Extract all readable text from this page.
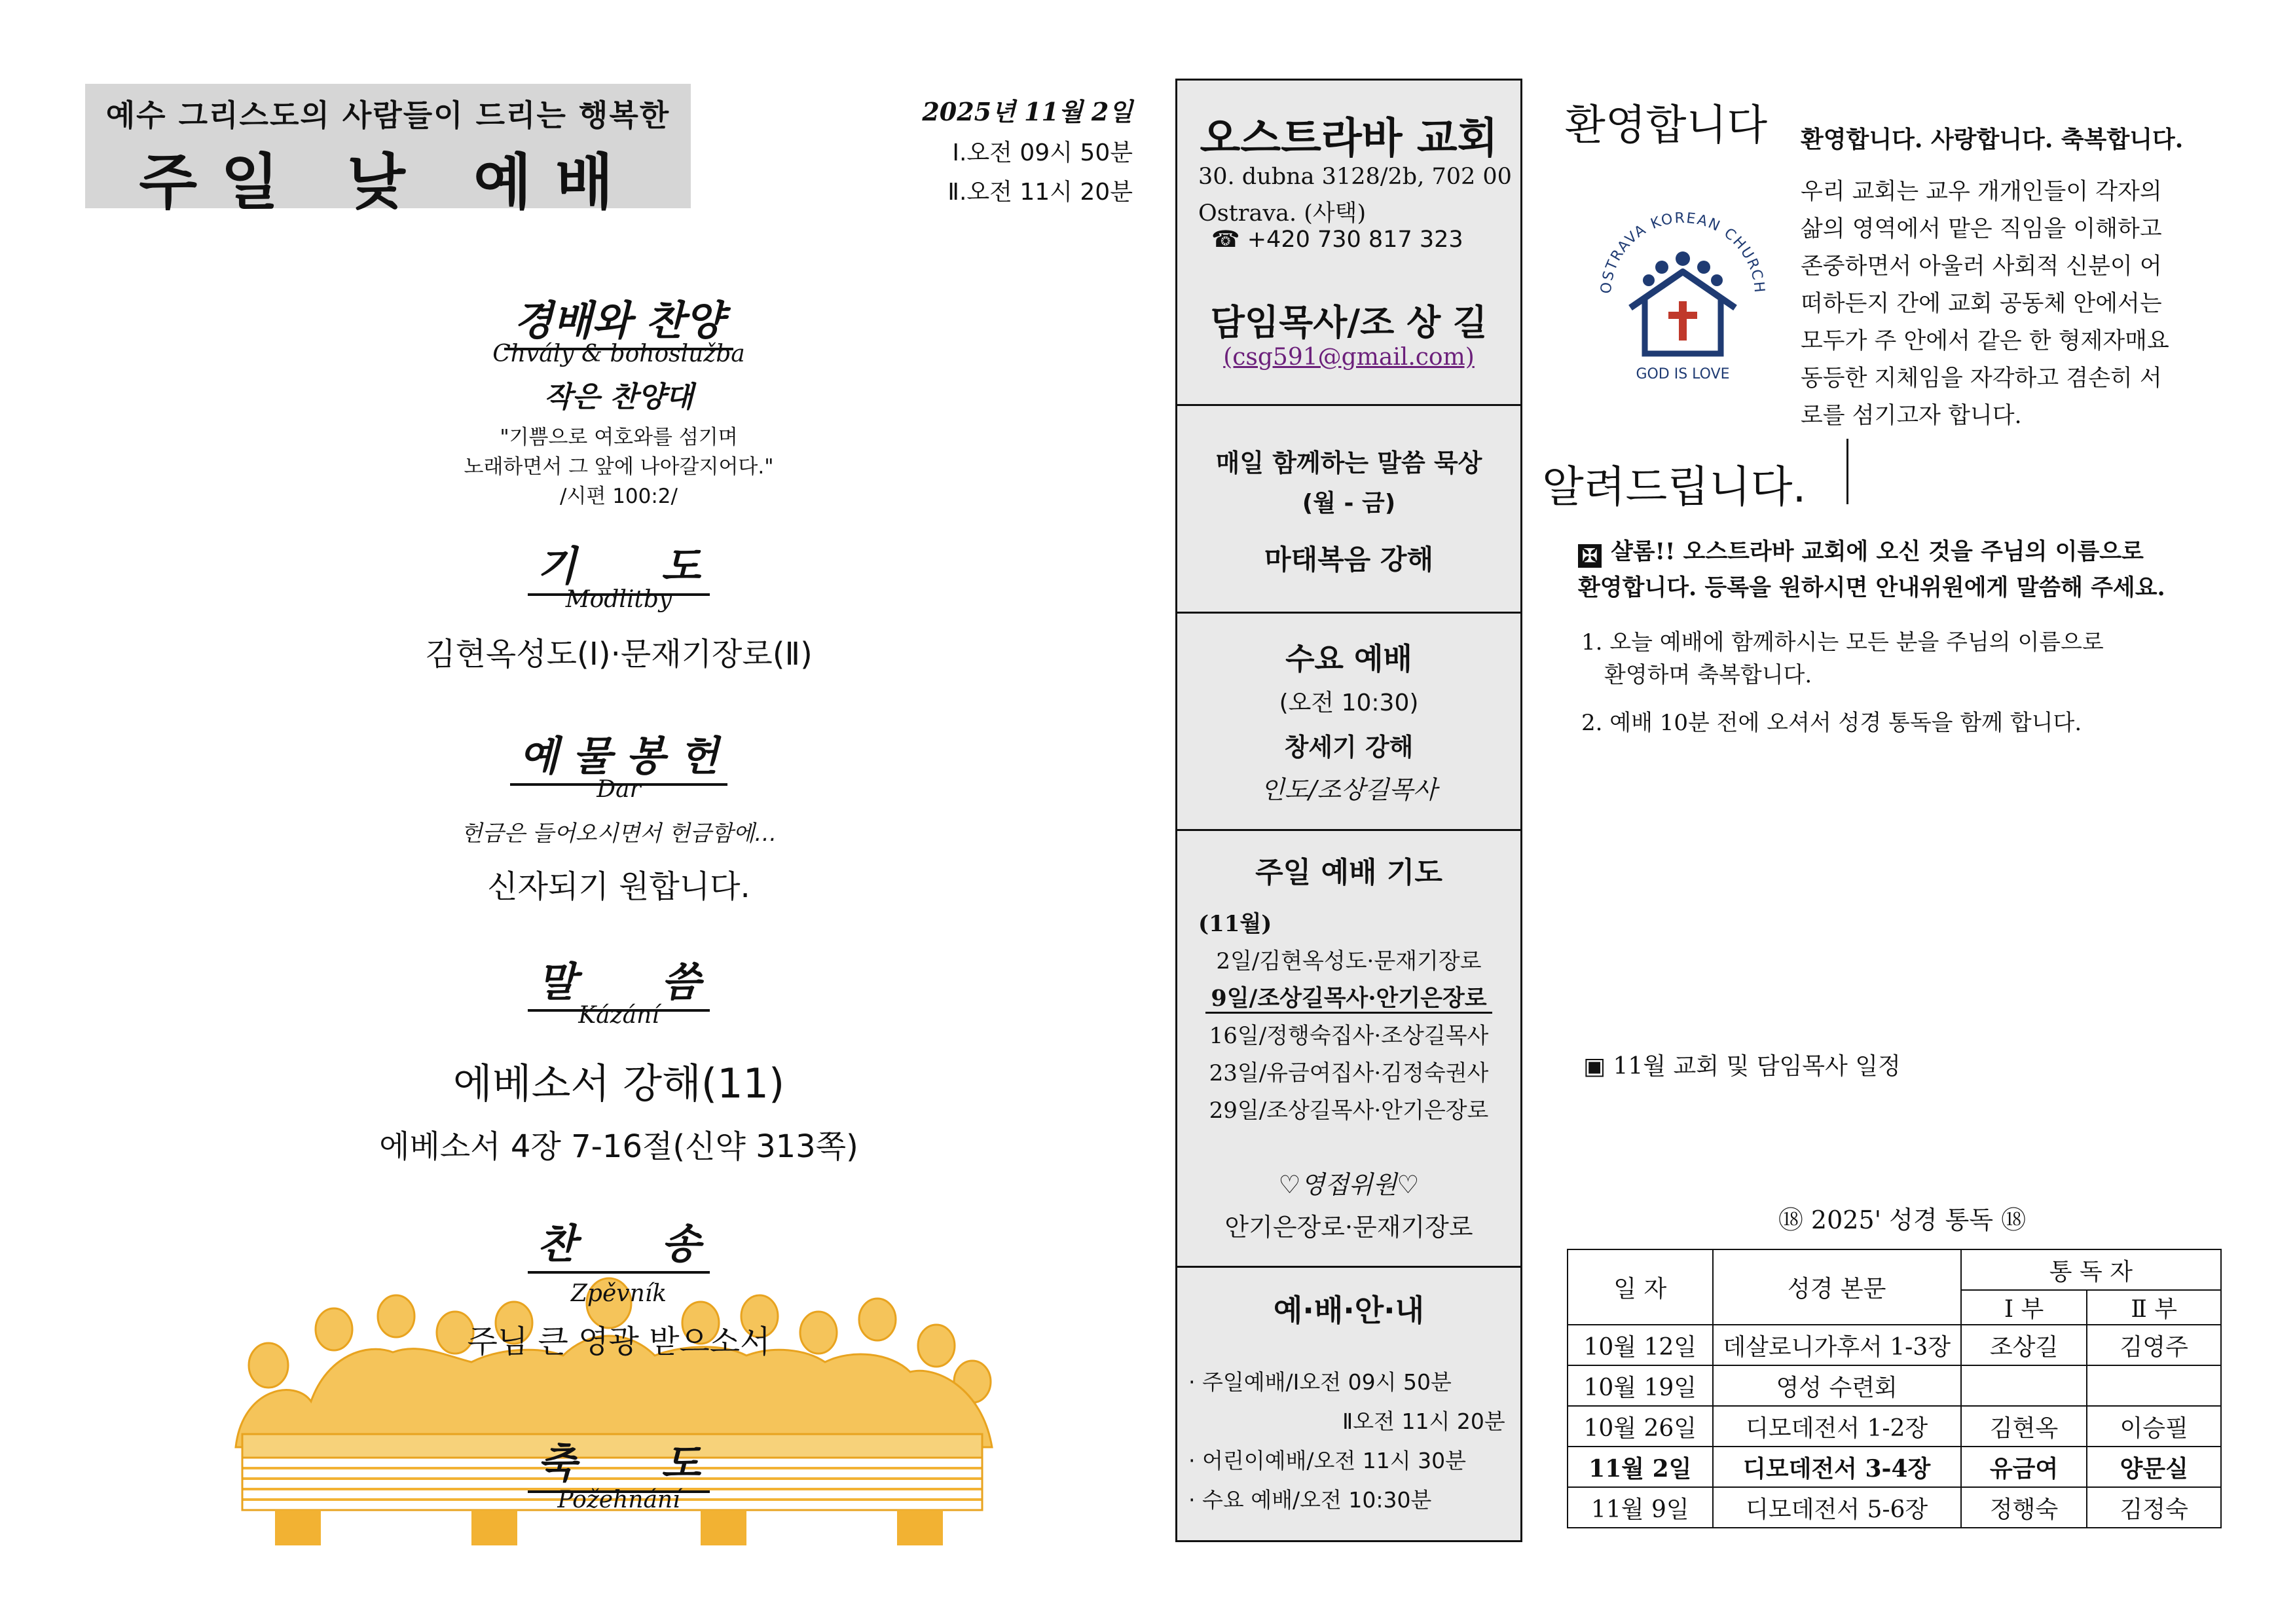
예수 그리스도의 사람들이 드리는 행복한
주일 낮 예배
2025년 11월 2일
Ⅰ.오전 09시 50분
Ⅱ.오전 11시 20분
경배와 찬양
Chvály & bohoslužba
작은 찬양대
"기쁨으로 여호와를 섬기며
노래하면서 그 앞에 나아갈지어다."
/시편 100:2/
기      도
Modlitby
김현옥성도(Ⅰ)·문재기장로(Ⅱ)
예 물 봉 헌
Dar
헌금은 들어오시면서 헌금함에…
신자되기 원합니다.
말      씀
Kázání
에베소서 강해(11)
에베소서 4장 7-16절(신약 313쪽)
찬      송
Zpěvník
주님 큰 영광 받으소서
축      도
Požehnání
오스트라바 교회
30. dubna 3128/2b, 702 00
Ostrava. (사택)
☎ +420 730 817 323
담임목사/조 상 길
(csg591@gmail.com)
매일 함께하는 말씀 묵상
(월 - 금)
마태복음 강해
수요 예배
(오전 10:30)
창세기 강해
인도/조상길목사
주일 예배 기도
(11월)
2일/김현옥성도·문재기장로
9일/조상길목사·안기은장로
16일/정행숙집사·조상길목사
23일/유금여집사·김정숙권사
29일/조상길목사·안기은장로
♡영접위원♡
안기은장로·문재기장로
예·배·안·내
· 주일예배/Ⅰ오전 09시 50분
Ⅱ오전 11시 20분
· 어린이예배/오전 11시 30분
· 수요 예배/오전 10:30분
환영합니다 환영합니다. 사랑합니다. 축복합니다.
OSTRAVA KOREAN CHURCH
GOD IS LOVE
우리 교회는 교우 개개인들이 각자의
삶의 영역에서 맡은 직임을 이해하고
존중하면서 아울러 사회적 신분이 어
떠하든지 간에 교회 공동체 안에서는
모두가 주 안에서 같은 한 형제자매요
동등한 지체임을 자각하고 겸손히 서
로를 섬기고자 합니다.
알려드립니다.
✠ 샬롬!! 오스트라바 교회에 오신 것을 주님의 이름으로
환영합니다. 등록을 원하시면 안내위원에게 말씀해 주세요.
1. 오늘 예배에 함께하시는 모든 분을 주님의 이름으로
환영하며 축복합니다.
2. 예배 10분 전에 오셔서 성경 통독을 함께 합니다.
▣ 11월 교회 및 담임목사 일정
⑱ 2025' 성경 통독 ⑱
일 자	성경 본문	통 독 자	
		Ⅰ 부	Ⅱ 부
10월 12일	데살로니가후서 1-3장	조상길	김영주
10월 19일	영성 수련회		
10월 26일	디모데전서 1-2장	김현옥	이승필
11월 2일	디모데전서 3-4장	유금여	양문실
11월 9일	디모데전서 5-6장	정행숙	김정숙
